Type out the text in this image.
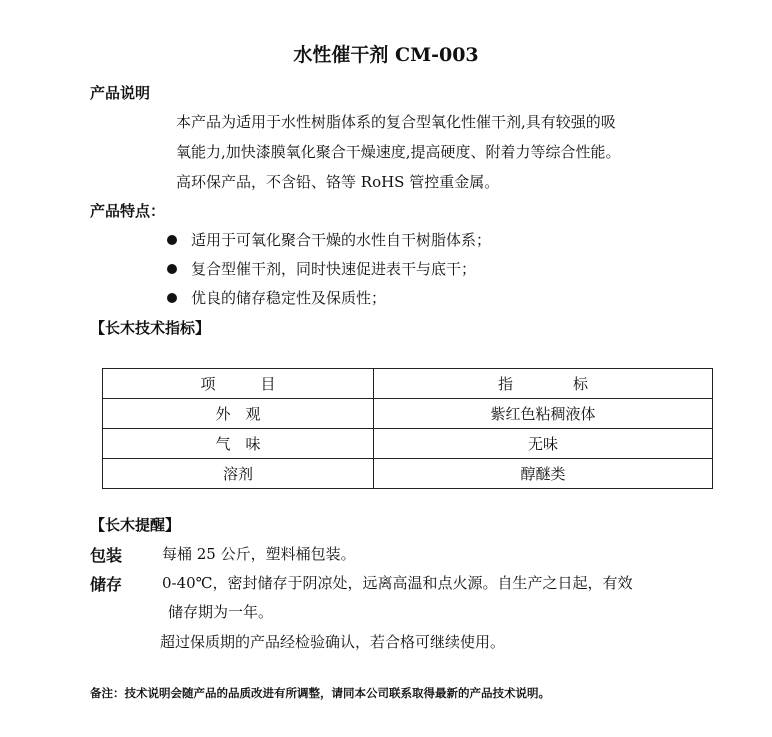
水性催干剂 CM-003
产品说明
本产品为适用于水性树脂体系的复合型氧化性催干剂,具有较强的吸
氧能力,加快漆膜氧化聚合干燥速度,提高硬度、附着力等综合性能。
高环保产品，不含铅、铬等 RoHS 管控重金属。
产品特点：
适用于可氧化聚合干燥的水性自干树脂体系；
复合型催干剂，同时快速促进表干与底干；
优良的储存稳定性及保质性；
【长木技术指标】
项　　　目	指　　　　标
外　观	紫红色粘稠液体
气　味	无味
溶剂	醇醚类
【长木提醒】
包装	每桶 25 公斤，塑料桶包装。
储存	0-40℃，密封储存于阴凉处，远离高温和点火源。自生产之日起，有效
储存期为一年。
超过保质期的产品经检验确认，若合格可继续使用。
备注：技术说明会随产品的品质改进有所调整，请同本公司联系取得最新的产品技术说明。
